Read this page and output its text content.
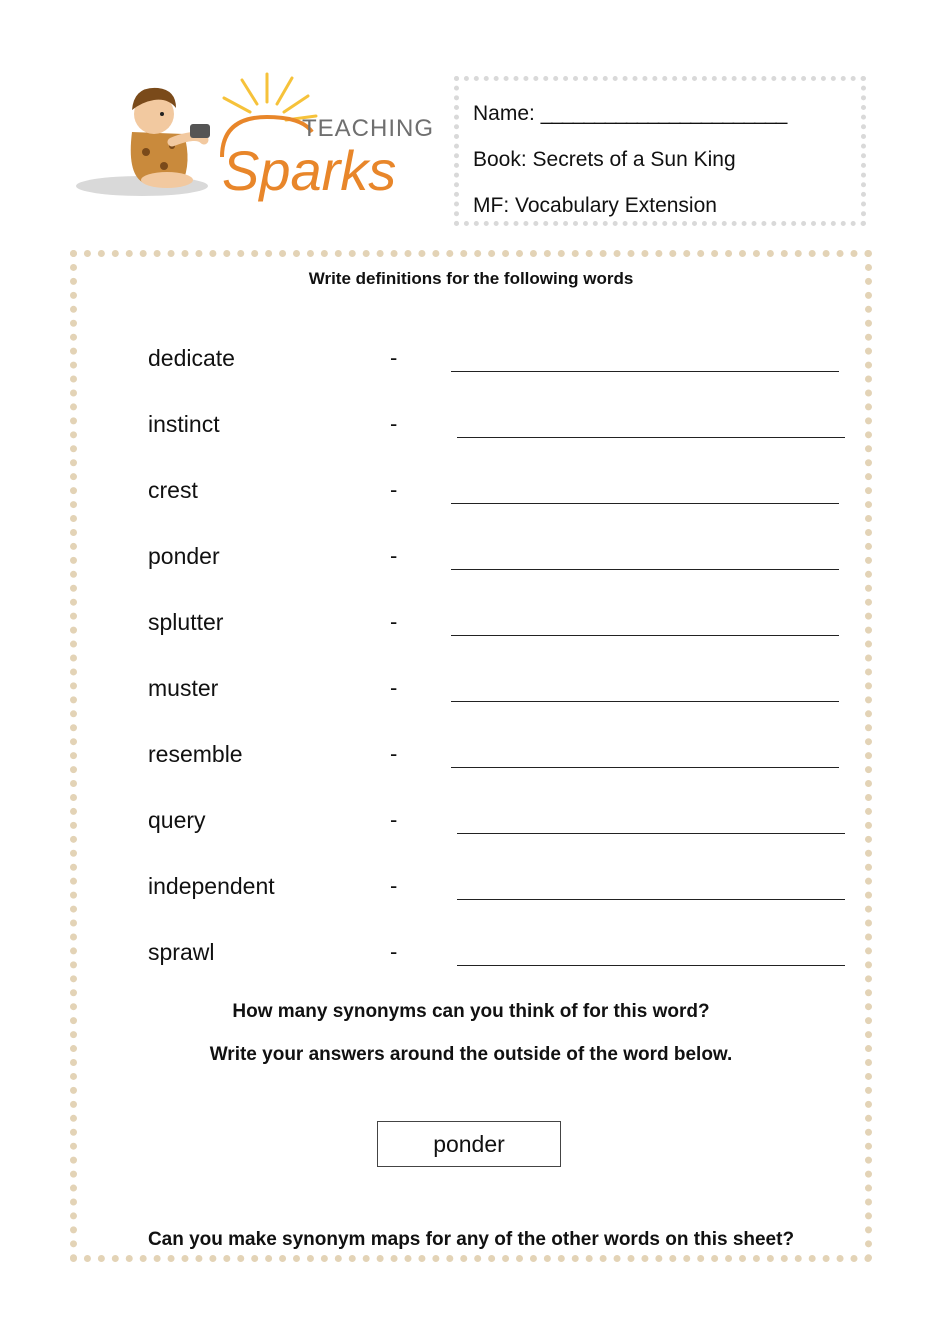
TEACHING
Sparks
Name: _______________________
Book: Secrets of a Sun King
MF: Vocabulary Extension
Write definitions for the following words
dedicate	-
instinct	-
crest	-
ponder	-
splutter	-
muster	-
resemble	-
query	-
independent	-
sprawl	-
How many synonyms can you think of for this word?
Write your answers around the outside of the word below.
ponder
Can you make synonym maps for any of the other words on this sheet?
